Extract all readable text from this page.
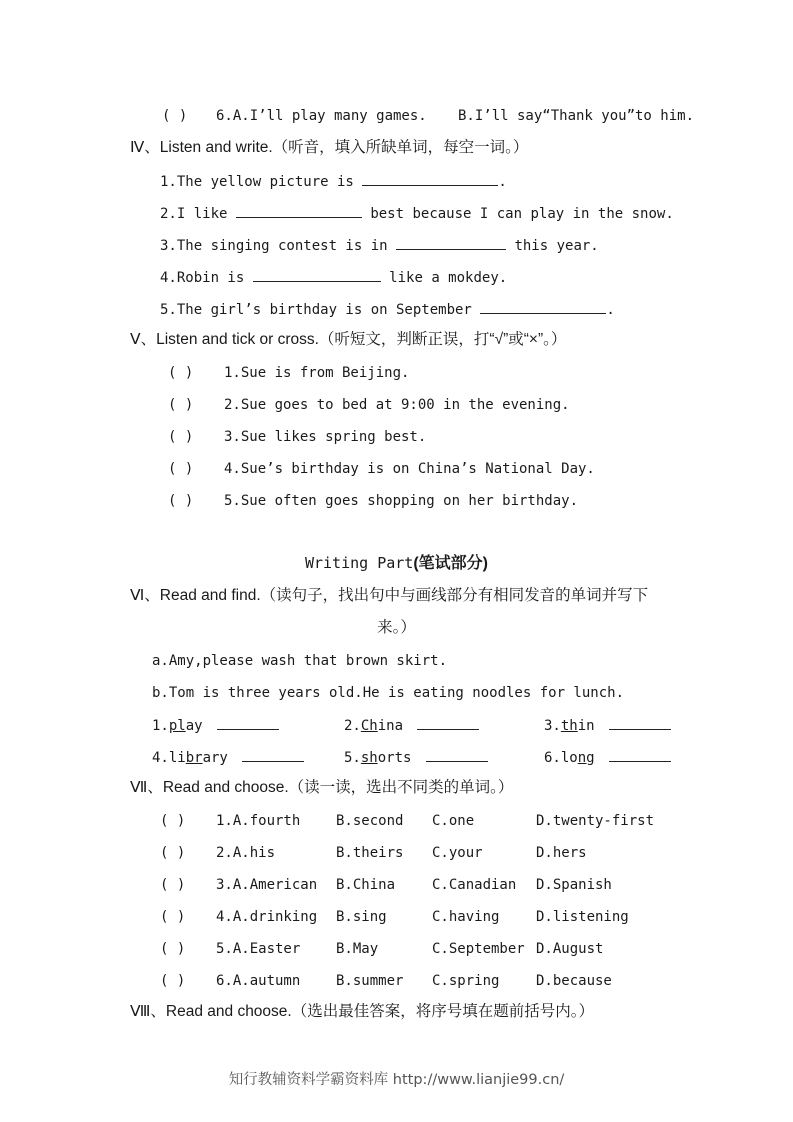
( ) 6.A.I’ll play many games. B.I’ll say“Thank you”to him.
Ⅳ、Listen and write.（听音，填入所缺单词，每空一词。）
1.The yellow picture is	.
2.I like	best because I can play in the snow.
3.The singing contest is in	this year.
4.Robin is	like a mokdey.
5.The girl’s birthday is on September	.
Ⅴ、Listen and tick or cross.（听短文，判断正误，打“√”或“×”。）
( ) 1.Sue is from Beijing.
( ) 2.Sue goes to bed at 9:00 in the evening.
( ) 3.Sue likes spring best.
( ) 4.Sue’s birthday is on China’s National Day.
( ) 5.Sue often goes shopping on her birthday.
Writing Part(笔试部分)
Ⅵ、Read and find.（读句子，找出句中与画线部分有相同发音的单词并写下
来。）
a.Amy,please wash that brown skirt.
b.Tom is three years old.He is eating noodles for lunch.
1.play	2.China	3.thin
4.library	5.shorts	6.long
Ⅶ、Read and choose.（读一读，选出不同类的单词。）
( ) 1.A.fourth	B.second C.one	D.twenty-first
( ) 2.A.his	B.theirs C.your	D.hers
( ) 3.A.American B.China	C.Canadian D.Spanish
( ) 4.A.drinking B.sing	C.having	D.listening
( ) 5.A.Easter	B.May	C.September D.August
( ) 6.A.autumn	B.summer C.spring	D.because
Ⅷ、Read and choose.（选出最佳答案，将序号填在题前括号内。）
知行教辅资料学霸资料库 http://www.lianjie99.cn/
